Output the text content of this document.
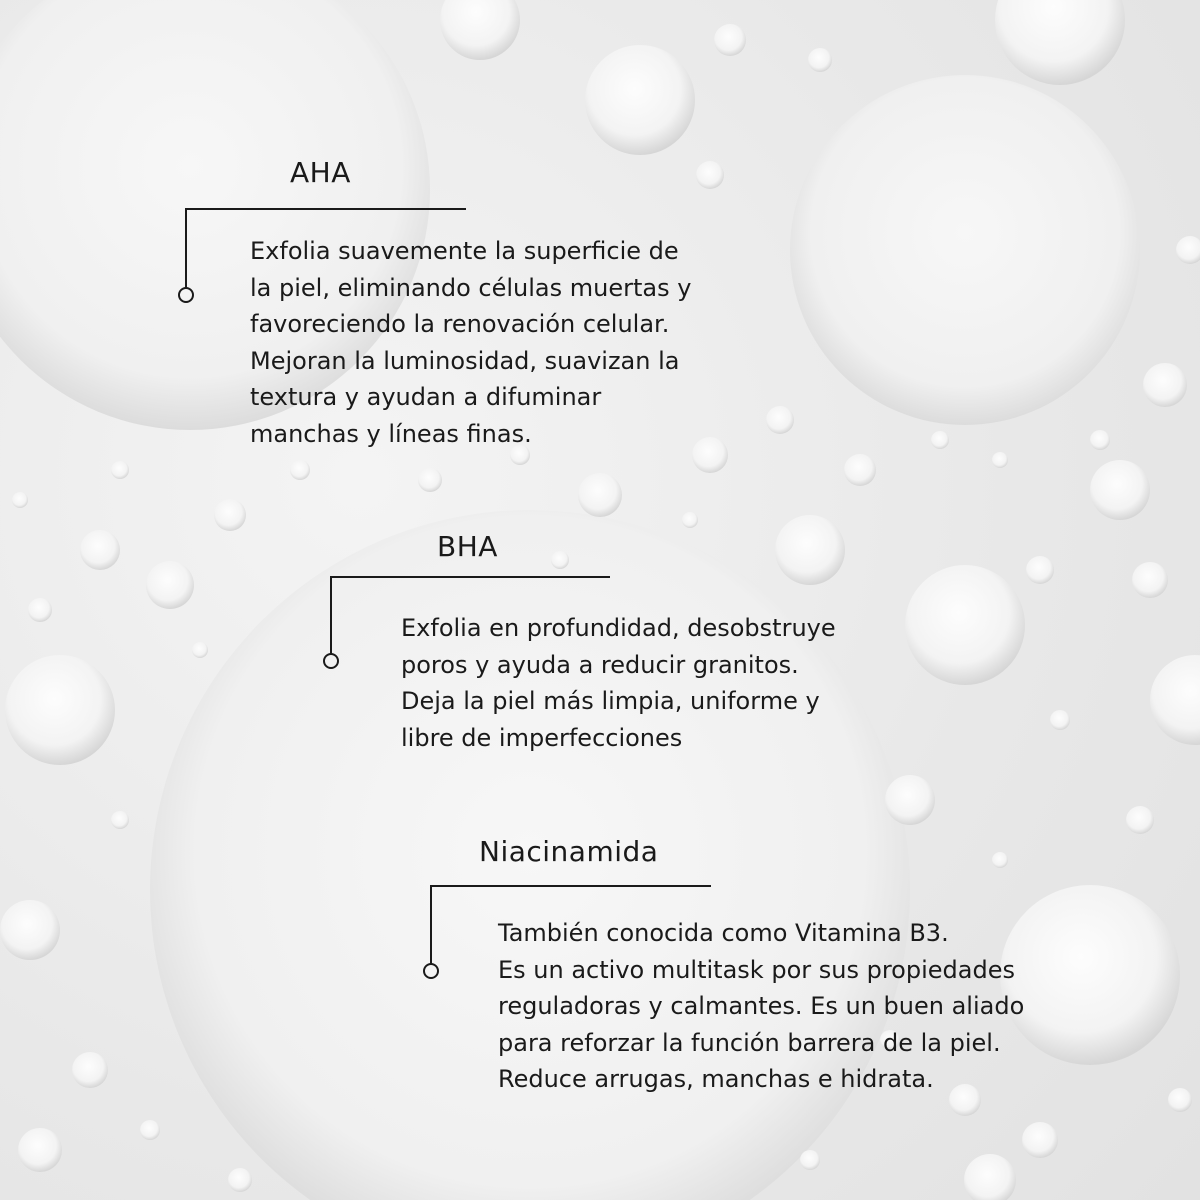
AHA
Exfolia suavemente la superficie de
la piel, eliminando células muertas y
favoreciendo la renovación celular.
Mejoran la luminosidad, suavizan la
textura y ayudan a difuminar
manchas y líneas finas.
BHA
Exfolia en profundidad, desobstruye
poros y ayuda a reducir granitos.
Deja la piel más limpia, uniforme y
libre de imperfecciones
Niacinamida
También conocida como Vitamina B3.
Es un activo multitask por sus propiedades
reguladoras y calmantes. Es un buen aliado
para reforzar la función barrera de la piel.
Reduce arrugas, manchas e hidrata.
